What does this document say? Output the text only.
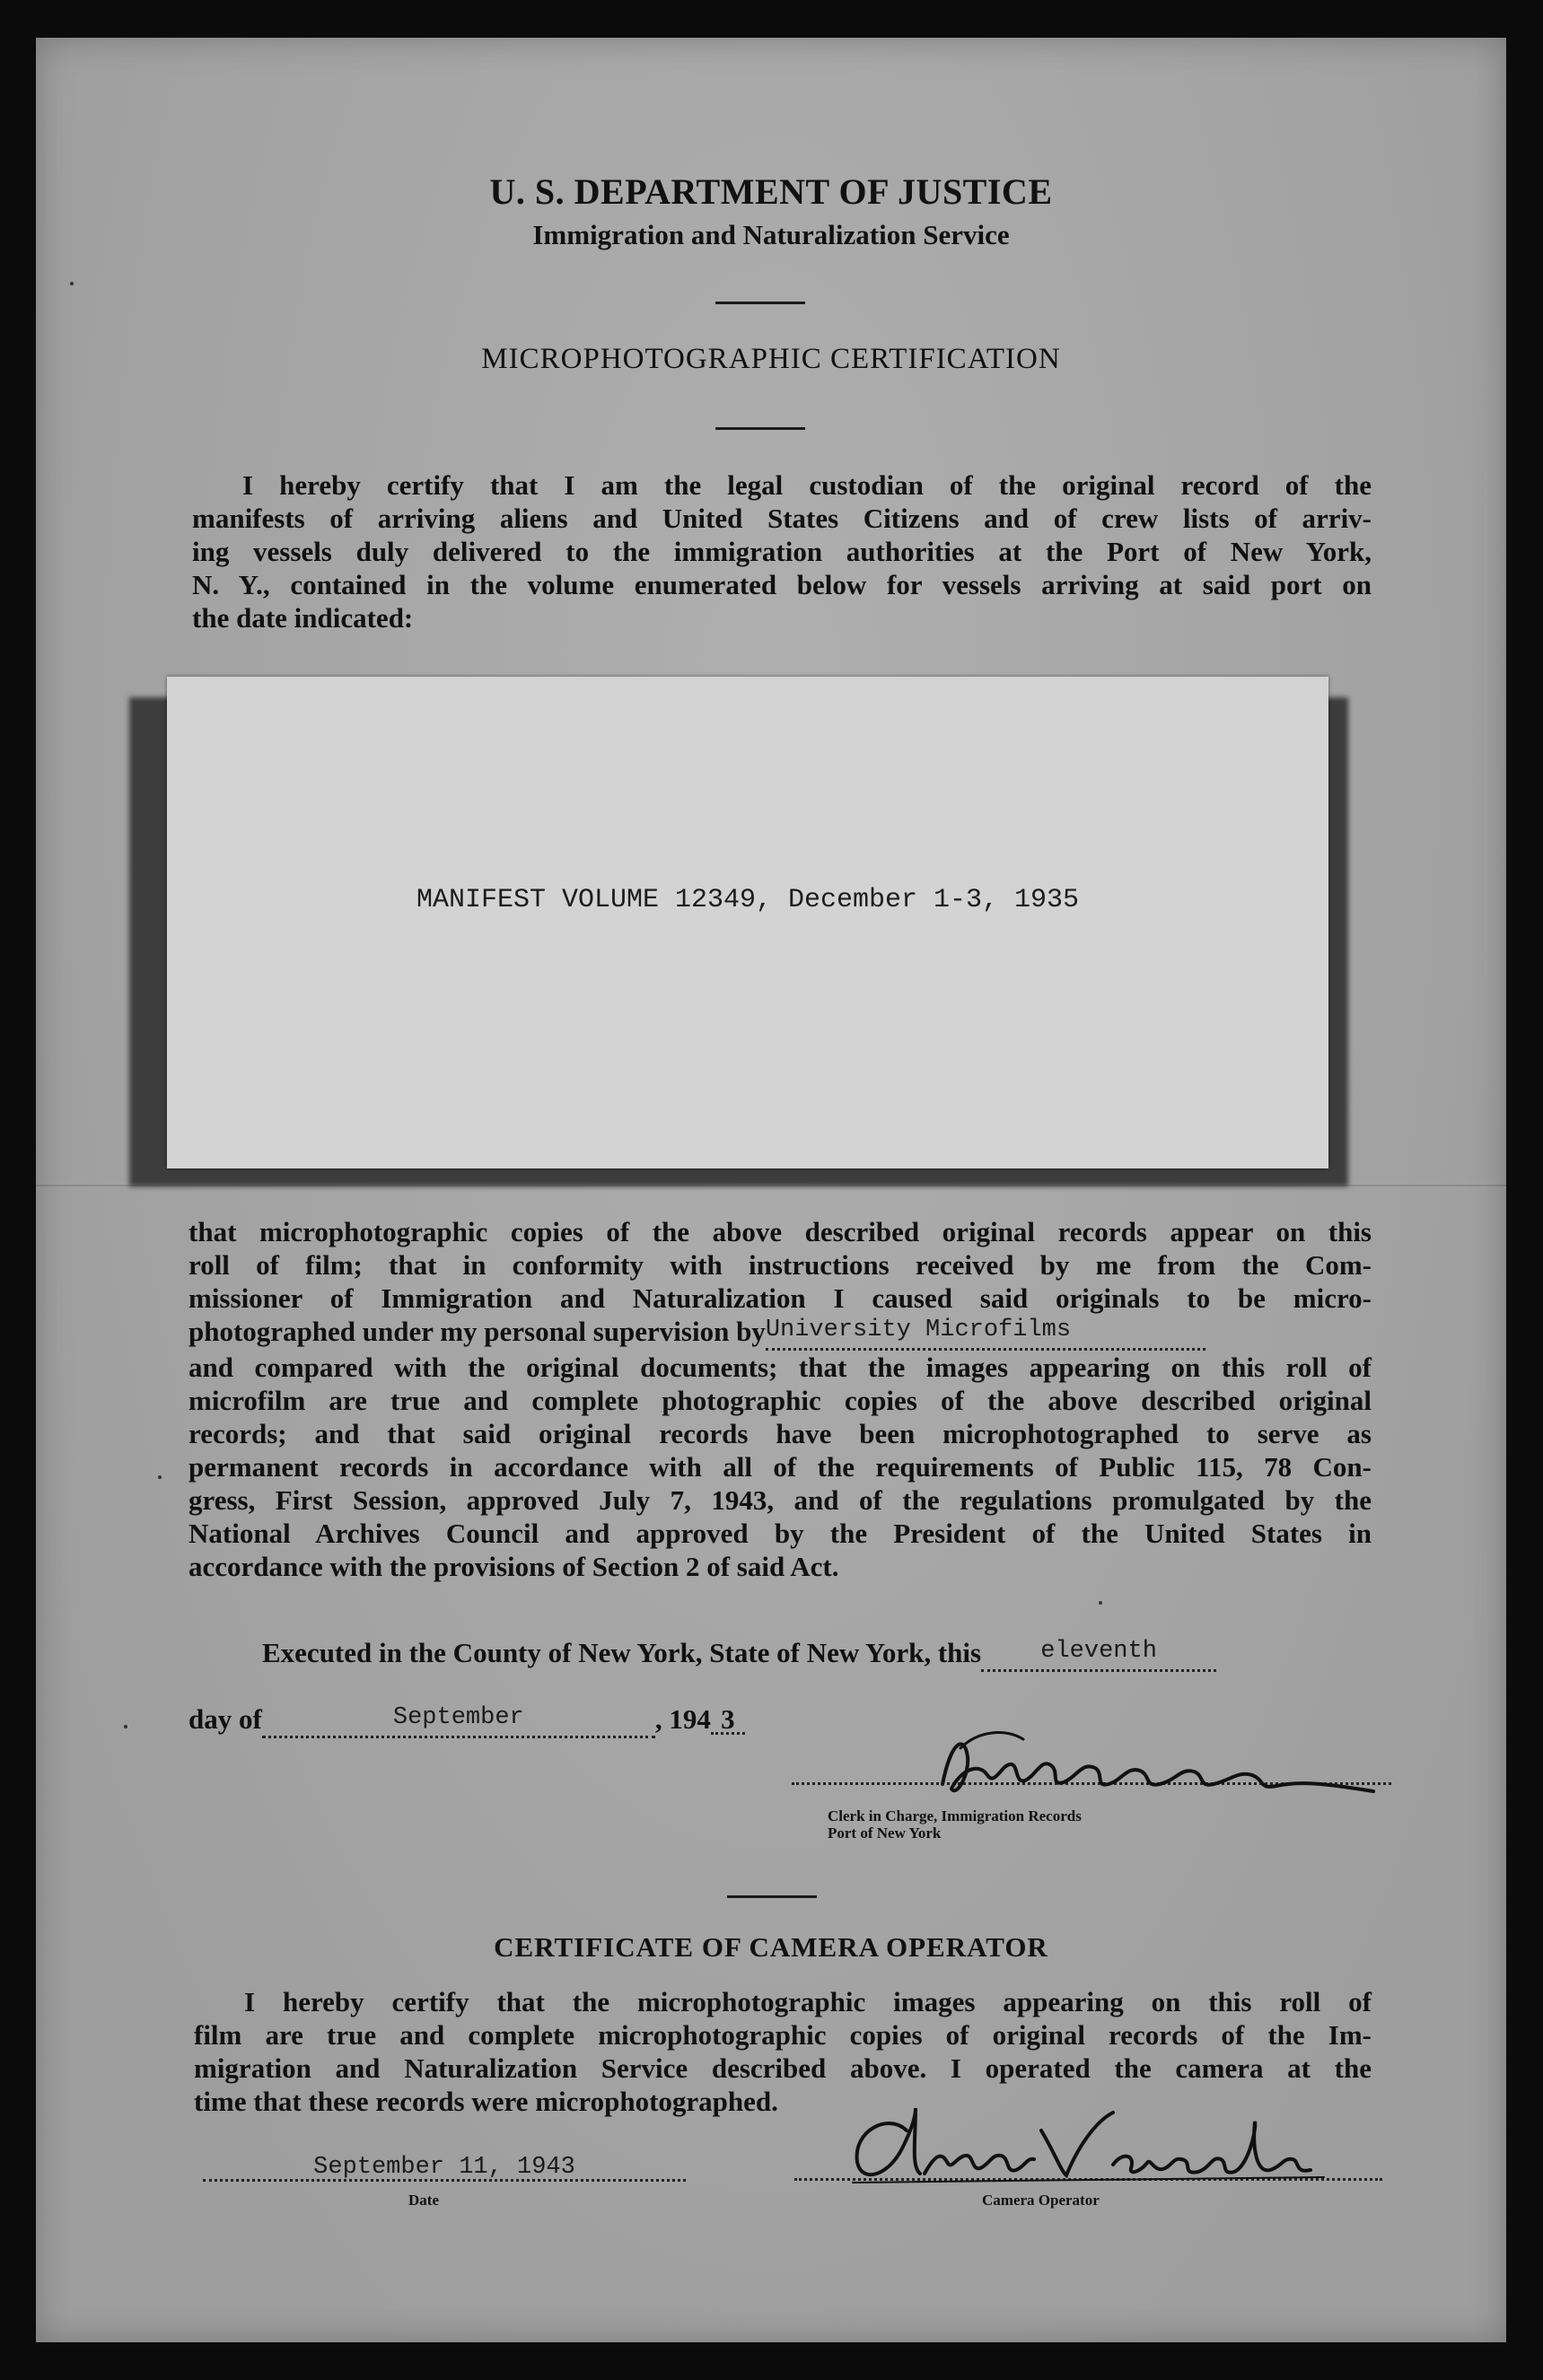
U. S. DEPARTMENT OF JUSTICE
Immigration and Naturalization Service
MICROPHOTOGRAPHIC CERTIFICATION
I hereby certify that I am the legal custodian of the original record of the
manifests of arriving aliens and United States Citizens and of crew lists of arriv-
ing vessels duly delivered to the immigration authorities at the Port of New York,
N. Y., contained in the volume enumerated below for vessels arriving at said port on
the date indicated:
MANIFEST VOLUME 12349, December 1-3, 1935
that microphotographic copies of the above described original records appear on this
roll of film; that in conformity with instructions received by me from the Com-
missioner of Immigration and Naturalization I caused said originals to be micro-
photographed under my personal supervision byUniversity Microfilms
and compared with the original documents; that the images appearing on this roll of
microfilm are true and complete photographic copies of the above described original
records; and that said original records have been microphotographed to serve as
permanent records in accordance with all of the requirements of Public 115, 78 Con-
gress, First Session, approved July 7, 1943, and of the regulations promulgated by the
National Archives Council and approved by the President of the United States in
accordance with the provisions of Section 2 of said Act.
Executed in the County of New York, State of New York, this eleventh
day of	September	, 194 3
Clerk in Charge, Immigration Records
Port of New York
CERTIFICATE OF CAMERA OPERATOR
I hereby certify that the microphotographic images appearing on this roll of
film are true and complete microphotographic copies of original records of the Im-
migration and Naturalization Service described above. I operated the camera at the
time that these records were microphotographed.
September 11, 1943
Date	Camera Operator
